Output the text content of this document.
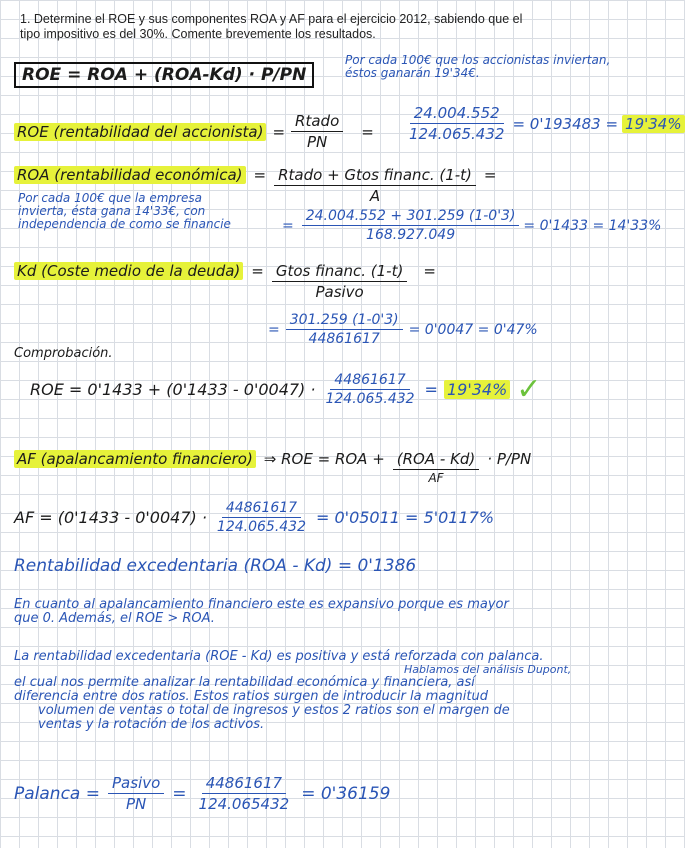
1. Determine el ROE y sus componentes ROA y AF para el ejercicio 2012, sabiendo que el
tipo impositivo es del 30%. Comente brevemente los resultados.
ROE = ROA + (ROA-Kd) · P/PN
Por cada 100€ que los accionistas inviertan,
éstos ganarán 19'34€.
ROE (rentabilidad del accionista) = $\frac{\text{Rtado}}{PN} = \frac{24.004.552}{124.065.432} = 0'193483 = 19'34\%$
ROA (rentabilidad económica) = $\frac{\text{Rtado + Gtos financ. (1-t)}}{A}$ =
Por cada 100€ que la empresa
invierta, ésta gana 14'33€, con
independencia de como se financie	= $\frac{24.004.552 + 301.259 (1-0'3)}{168.927.049} = 0'1433 = 14'33\%$
Kd (Coste medio de la deuda) = $\frac{\text{Gtos financ. (1-t)}}{\text{Pasivo}}$ =
= $\frac{301.259 (1-0'3)}{44861617} = 0'0047 = 0'47\%$
Comprobación.
ROE = $0'1433 + (0'1433 - 0'0047) \cdot \frac{44861617}{124.065.432} = 19'34\%$ ✓
AF (apalancamiento financiero) ⇒ ROE = ROA + $\frac{\text{(ROA - Kd)}}{AF} \cdot P/PN$
AF = $(0'1433 - 0'0047) \cdot \frac{44861617}{124.065.432} = 0'05011 = 5'0117\%$
Rentabilidad excedentaria (ROA - Kd) = 0'1386
En cuanto al apalancamiento financiero este es expansivo porque es mayor
que 0. Además, el ROE > ROA.
La rentabilidad excedentaria (ROE - Kd) es positiva y está reforzada con palanca.
Hablamos del análisis Dupont,
el cual nos permite analizar la rentabilidad económica y financiera, así
diferencia entre dos ratios. Estos ratios surgen de introducir la magnitud
volumen de ventas o total de ingresos y estos 2 ratios son el margen de
ventas y la rotación de los activos.
Palanca = $\frac{\text{Pasivo}}{PN} = \frac{44861617}{124.065432} = 0'36159$
